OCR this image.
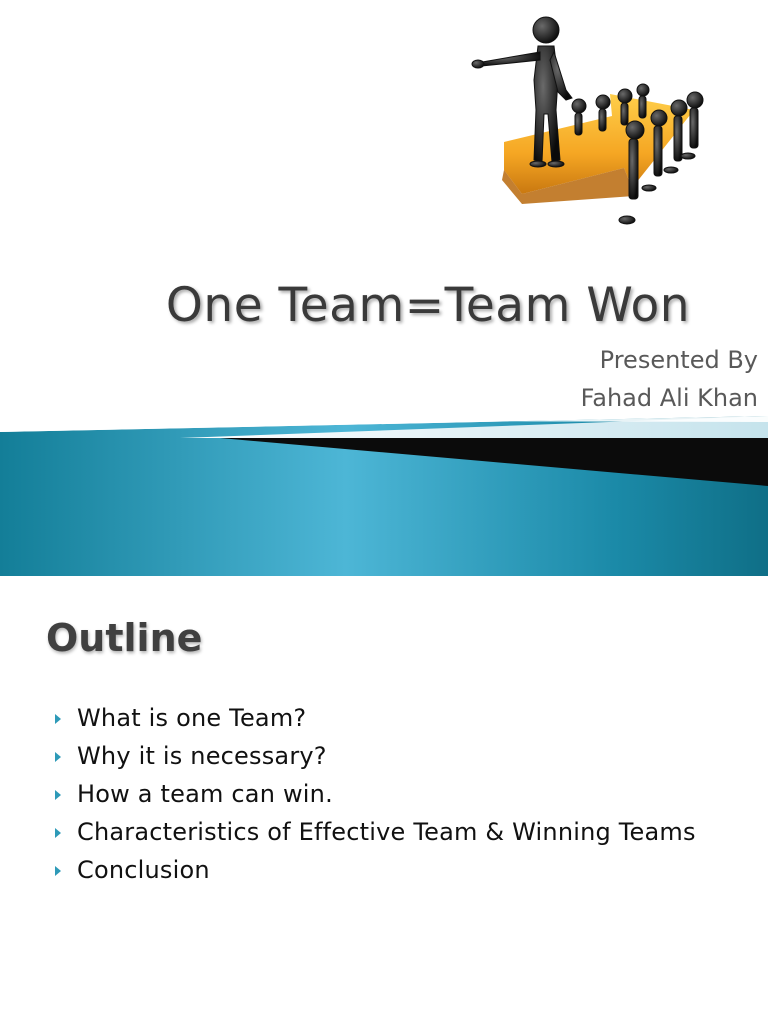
One Team=Team Won
Presented By
Fahad Ali Khan
Outline
What is one Team?
Why it is necessary?
How a team can win.
Characteristics of Effective Team & Winning Teams
Conclusion
